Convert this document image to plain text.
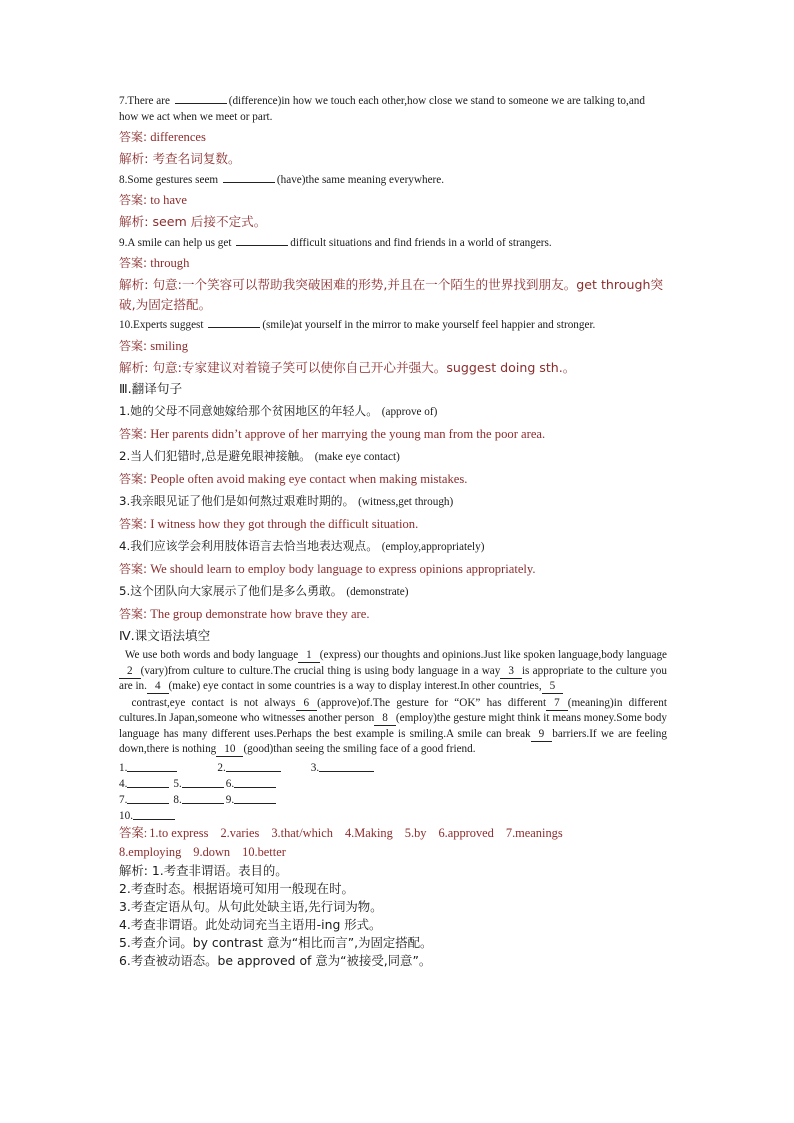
7.There are	(difference)in how we touch each other,how close we stand to someone we are talking to,and how we act when we meet or part.

答案: differences

解析: 考查名词复数。

8.Some gestures seem	(have)the same meaning everywhere.

答案: to have

解析: seem 后接不定式。

9.A smile can help us get	difficult situations and find friends in a world of strangers.

答案: through

解析: 句意:一个笑容可以帮助我突破困难的形势,并且在一个陌生的世界找到朋友。get through突破,为固定搭配。

10.Experts suggest	(smile)at yourself in the mirror to make yourself feel happier and stronger.

答案: smiling

解析: 句意:专家建议对着镜子笑可以使你自己开心并强大。suggest doing sth.。

Ⅲ.翻译句子

1.她的父母不同意她嫁给那个贫困地区的年轻人。 (approve of)

答案: Her parents didn’t approve of her marrying the young man from the poor area.

2.当人们犯错时,总是避免眼神接触。 (make eye contact)

答案: People often avoid making eye contact when making mistakes.

3.我亲眼见证了他们是如何熬过艰难时期的。 (witness,get through)

答案: I witness how they got through the difficult situation.

4.我们应该学会利用肢体语言去恰当地表达观点。 (employ,appropriately)

答案: We should learn to employ body language to express opinions appropriately.

5.这个团队向大家展示了他们是多么勇敢。 (demonstrate)

答案: The group demonstrate how brave they are.

Ⅳ.课文语法填空

We use both words and body language 1 (express) our thoughts and opinions.Just like spoken language,body language2 (vary)from culture to culture.The crucial thing is using body language in a way 3 is appropriate to the culture you are in. 4 (make) eye contact in some countries is a way to display interest.In other countries, 5

contrast,eye contact is not always 6 (approve)of.The gesture for “OK” has different 7 (meaning)in different cultures.In Japan,someone who witnesses another person 8 (employ)the gesture might think it means money.Some body language has many different uses.Perhaps the best example is smiling.A smile can break 9 barriers.If we are feeling down,there is nothing 10 (good)than seeing the smiling face of a good friend.

1.	2.	3.
4.	5.	6.
7.	8.	9.
10.

答案: 1.to express 2.varies 3.that/which 4.Making 5.by 6.approved 7.meanings
8.employing 9.down 10.better

解析: 1.考查非谓语。表目的。

2.考查时态。根据语境可知用一般现在时。

3.考查定语从句。从句此处缺主语,先行词为物。

4.考查非谓语。此处动词充当主语用-ing 形式。

5.考查介词。by contrast 意为“相比而言”,为固定搭配。

6.考查被动语态。be approved of 意为“被接受,同意”。
